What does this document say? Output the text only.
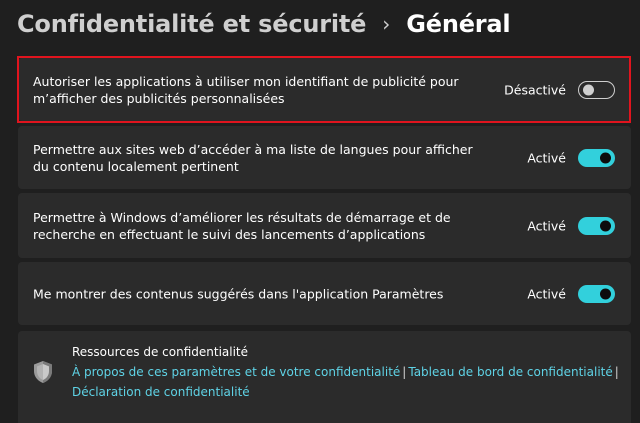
Confidentialité et sécurité › Général
Autoriser les applications à utiliser mon identifiant de publicité pour m’afficher des publicités personnalisées
Désactivé
Permettre aux sites web d’accéder à ma liste de langues pour afficher du contenu localement pertinent
Activé
Permettre à Windows d’améliorer les résultats de démarrage et de recherche en effectuant le suivi des lancements d’applications
Activé
Me montrer des contenus suggérés dans l'application Paramètres	Activé
Ressources de confidentialité
À propos de ces paramètres et de votre confidentialité | Tableau de bord de confidentialité |
Déclaration de confidentialité
